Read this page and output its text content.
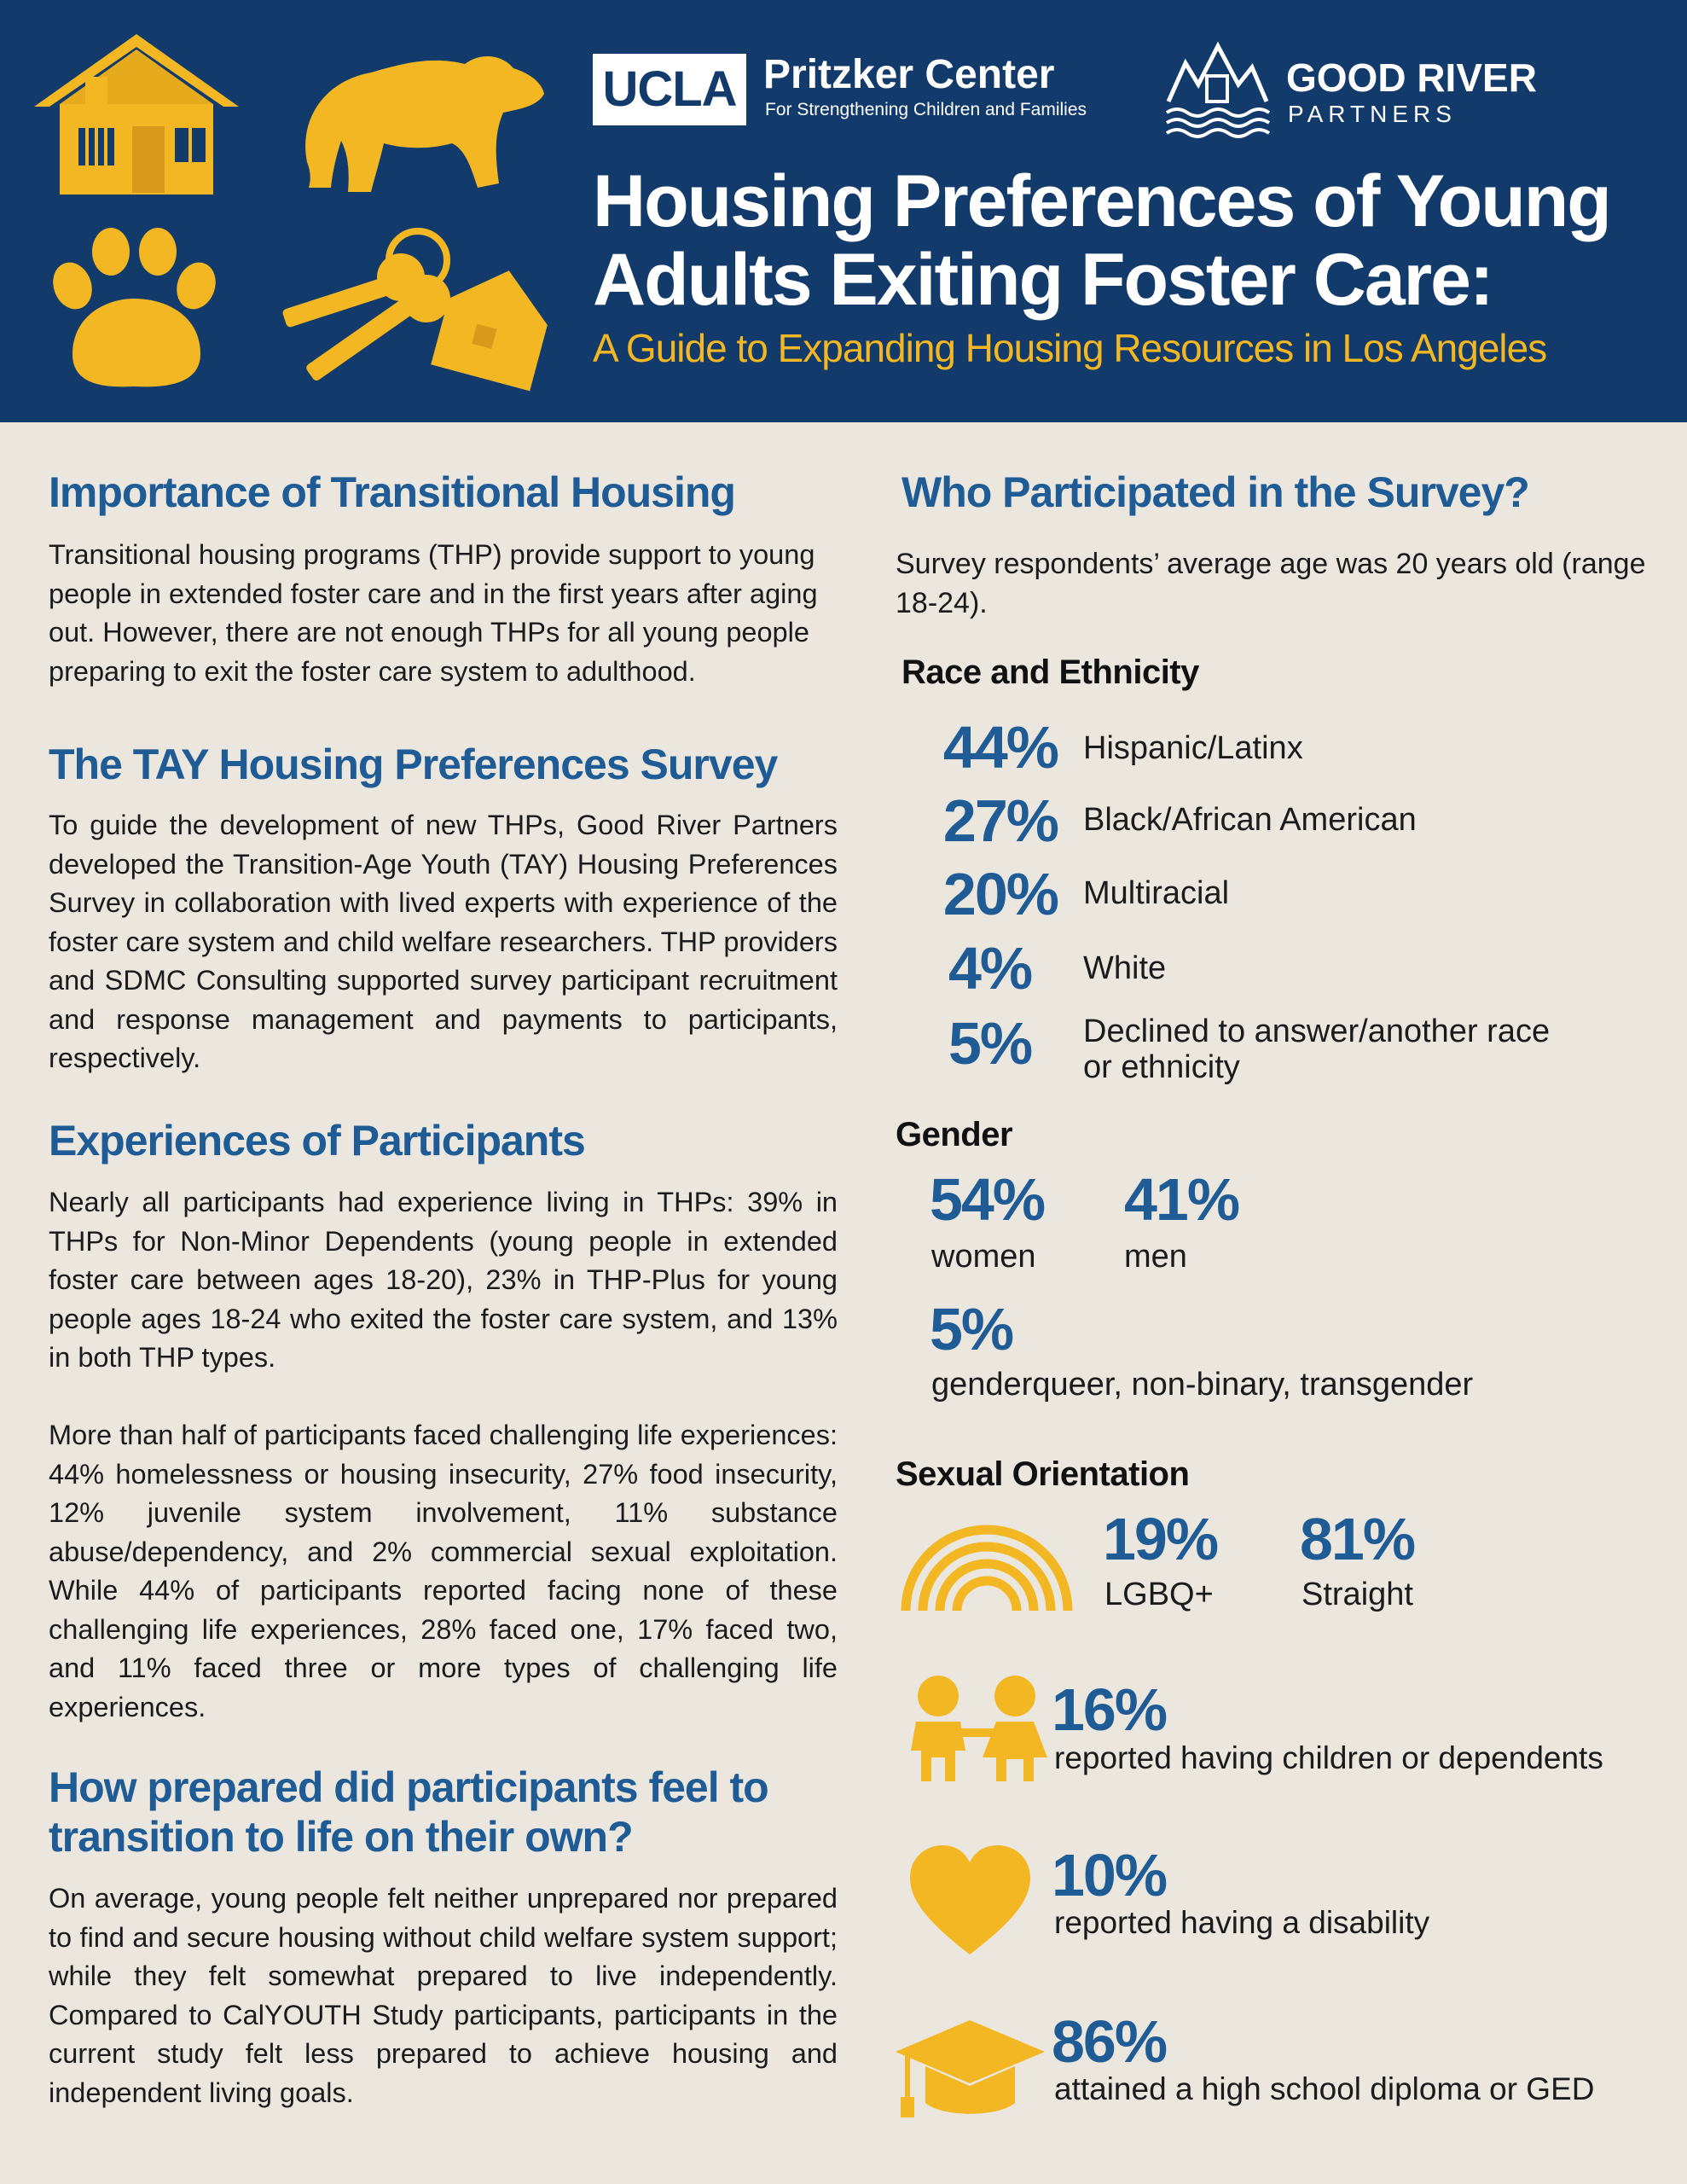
UCLA Pritzker Center
For Strengthening Children and Families
GOOD RIVER
PARTNERS
Housing Preferences of Young
Adults Exiting Foster Care:
A Guide to Expanding Housing Resources in Los Angeles
Importance of Transitional Housing

Transitional housing programs (THP) provide support to young people in extended foster care and in the first years after aging out. However, there are not enough THPs for all young people preparing to exit the foster care system to adulthood.

The TAY Housing Preferences Survey

To guide the development of new THPs, Good River Partners developed the Transition-Age Youth (TAY) Housing Preferences Survey in collaboration with lived experts with experience of the foster care system and child welfare researchers. THP providers and SDMC Consulting supported survey participant recruitment and response management and payments to participants, respectively.

Experiences of Participants

Nearly all participants had experience living in THPs: 39% in THPs for Non-Minor Dependents (young people in extended foster care between ages 18-20), 23% in THP-Plus for young people ages 18-24 who exited the foster care system, and 13% in both THP types.

More than half of participants faced challenging life experiences: 44% homelessness or housing insecurity, 27% food insecurity, 12% juvenile system involvement, 11% substance abuse/dependency, and 2% commercial sexual exploitation. While 44% of participants reported facing none of these challenging life experiences, 28% faced one, 17% faced two, and 11% faced three or more types of challenging life experiences.

How prepared did participants feel to
transition to life on their own?

On average, young people felt neither unprepared nor prepared to find and secure housing without child welfare system support; while they felt somewhat prepared to live independently. Compared to CalYOUTH Study participants, participants in the current study felt less prepared to achieve housing and independent living goals.

Who Participated in the Survey?

Survey respondents’ average age was 20 years old (range 18-24).

Race and Ethnicity
44% Hispanic/Latinx
27% Black/African American
20% Multiracial
4% White
5% Declined to answer/another race
or ethnicity
Gender
54%
women
41%
men
5%
genderqueer, non-binary, transgender
Sexual Orientation
19%
LGBQ+
81%
Straight
16%
reported having children or dependents
10%
reported having a disability
86%
attained a high school diploma or GED
